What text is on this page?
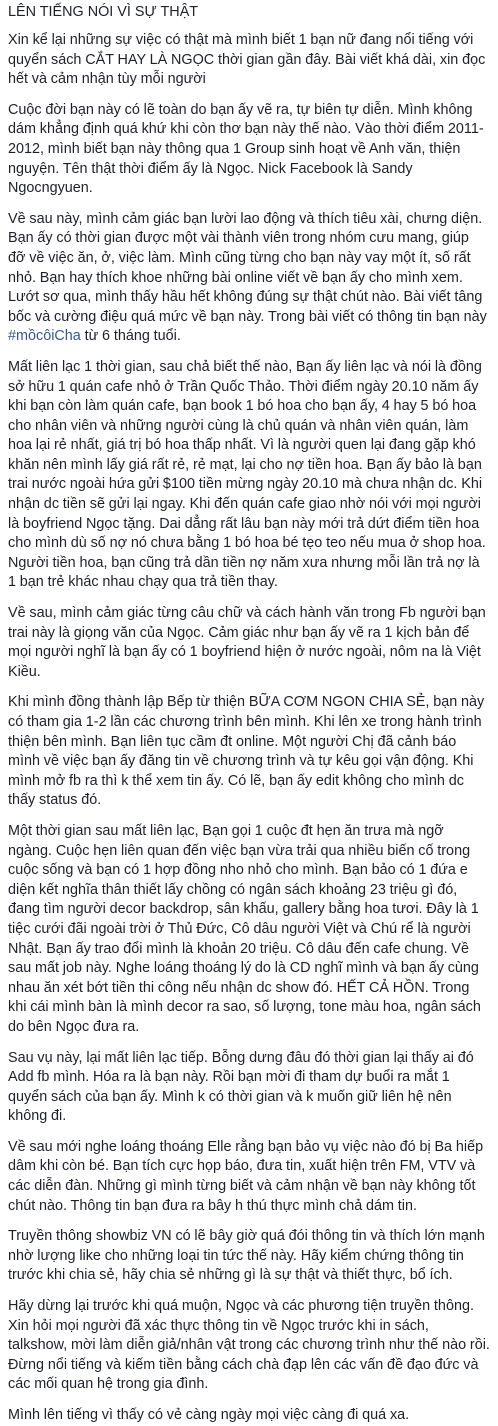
LÊN TIẾNG NÓI VÌ SỰ THẬT

Xin kể lại những sự việc có thật mà mình biết 1 bạn nữ đang nổi tiếng với quyển sách CẮT HAY LÀ NGỌC thời gian gần đây. Bài viết khá dài, xin đọc hết và cảm nhận tùy mỗi người

Cuộc đời bạn này có lẽ toàn do bạn ấy vẽ ra, tự biên tự diễn. Mình không dám khẳng định quá khứ khi còn thơ bạn này thế nào. Vào thời điểm 2011-2012, mình biết bạn này thông qua 1 Group sinh hoạt về Anh văn, thiện nguyện. Tên thật thời điểm ấy là Ngọc. Nick Facebook là Sandy Ngocngyuen.

Về sau này, mình cảm giác bạn lười lao động và thích tiêu xài, chưng diện. Bạn ấy có thời gian được một vài thành viên trong nhóm cưu mang, giúp đỡ về việc ăn, ở, việc làm. Mình cũng từng cho bạn này vay một ít, số rất nhỏ. Bạn hay thích khoe những bài online viết về bạn ấy cho mình xem. Lướt sơ qua, mình thấy hầu hết không đúng sự thật chút nào. Bài viết tâng bốc và cường điệu quá mức về bạn này. Trong bài viết có thông tin bạn này #mồcôiCha từ 6 tháng tuổi.

Mất liên lạc 1 thời gian, sau chả biết thế nào, Bạn ấy liên lạc và nói là đồng sở hữu 1 quán cafe nhỏ ở Trần Quốc Thảo. Thời điểm ngày 20.10 năm ấy khi bạn còn làm quán cafe, bạn book 1 bó hoa cho bạn ấy, 4 hay 5 bó hoa cho nhân viên và những người cùng là chủ quán và nhân viên quán, làm hoa lại rẻ nhất, giá trị bó hoa thấp nhất. Vì là người quen lại đang gặp khó khăn nên mình lấy giá rất rẻ, rẻ mạt, lại cho nợ tiền hoa. Bạn ấy bảo là bạn trai nước ngoài hứa gửi $100 tiền mừng ngày 20.10 mà chưa nhận dc. Khi nhận dc tiền sẽ gửi lại ngay. Khi đến quán cafe giao nhờ nói với mọi người là boyfriend Ngọc tặng. Dai dẳng rất lâu bạn này mới trả dứt điểm tiền hoa cho mình dù số nợ nó chưa bằng 1 bó hoa bé tẹo teo nếu mua ở shop hoa. Người tiền hoa, bạn cũng trả dần tiền nợ năm xưa nhưng mỗi lần trả nợ là 1 bạn trẻ khác nhau chạy qua trả tiền thay.

Về sau, mình cảm giác từng câu chữ và cách hành văn trong Fb người bạn trai này là giọng văn của Ngọc. Cảm giác như bạn ấy vẽ ra 1 kịch bản để mọi người nghĩ là bạn ấy có 1 boyfriend hiện ở nước ngoài, nôm na là Việt Kiều.

Khi mình đồng thành lập Bếp từ thiện BỮA CƠM NGON CHIA SẺ, bạn này có tham gia 1-2 lần các chương trình bên mình. Khi lên xe trong hành trình thiện bên mình. Bạn liên tục cầm đt online. Một người Chị đã cảnh báo mình về việc bạn ấy đăng tin về chương trình và tự kêu gọi vận động. Khi mình mở fb ra thì k thể xem tin ấy. Có lẽ, bạn ấy edit không cho mình dc thấy status đó.

Một thời gian sau mất liên lạc, Bạn gọi 1 cuộc đt hẹn ăn trưa mà ngỡ ngàng. Cuộc hẹn liên quan đến việc bạn vừa trải qua nhiều biến cố trong cuộc sống và bạn có 1 hợp đồng nho nhỏ cho mình. Bạn bảo có 1 đứa e diện kết nghĩa thân thiết lấy chồng có ngân sách khoảng 23 triệu gì đó, đang tìm người decor backdrop, sân khấu, gallery bằng hoa tươi. Đây là 1 tiệc cưới đãi ngoài trời ở Thủ Đức, Cô dâu người Việt và Chú rể là người Nhật. Bạn ấy trao đổi mình là khoản 20 triệu. Cô dâu đến cafe chung. Về sau mất job này. Nghe loáng thoáng lý do là CD nghĩ mình và bạn ấy cùng nhau ăn xét bớt tiền thi công nếu nhận dc show đó. HẾT CẢ HỒN. Trong khi cái mình bàn là mình decor ra sao, số lượng, tone màu hoa, ngân sách do bên Ngọc đưa ra.

Sau vụ này, lại mất liên lạc tiếp. Bỗng dưng đâu đó thời gian lại thấy ai đó Add fb mình. Hóa ra là bạn này. Rồi bạn mời đi tham dự buổi ra mắt 1 quyển sách của bạn ấy. Mình k có thời gian và k muốn giữ liên hệ nên không đi.

Về sau mới nghe loáng thoáng Elle rằng bạn bảo vụ việc nào đó bị Ba hiếp dâm khi còn bé. Bạn tích cực họp báo, đưa tin, xuất hiện trên FM, VTV và các diễn đàn. Những gì mình từng biết và cảm nhận về bạn này không tốt chút nào. Thông tin bạn đưa ra bây h thú thực mình chả dám tin.

Truyền thông showbiz VN có lẽ bây giờ quá đói thông tin và thích lớn mạnh nhờ lượng like cho những loại tin tức thế này. Hãy kiểm chứng thông tin trước khi chia sẻ, hãy chia sẻ những gì là sự thật và thiết thực, bổ ích.

Hãy dừng lại trước khi quá muộn, Ngọc và các phương tiện truyền thông. Xin hỏi mọi người đã xác thực thông tin về Ngọc trước khi in sách, talkshow, mời làm diễn giả/nhân vật trong các chương trình như thế nào rồi. Đừng nổi tiếng và kiếm tiền bằng cách chà đạp lên các vấn đề đạo đức và các mối quan hệ trong gia đình.

Mình lên tiếng vì thấy có vẻ càng ngày mọi việc càng đi quá xa.
